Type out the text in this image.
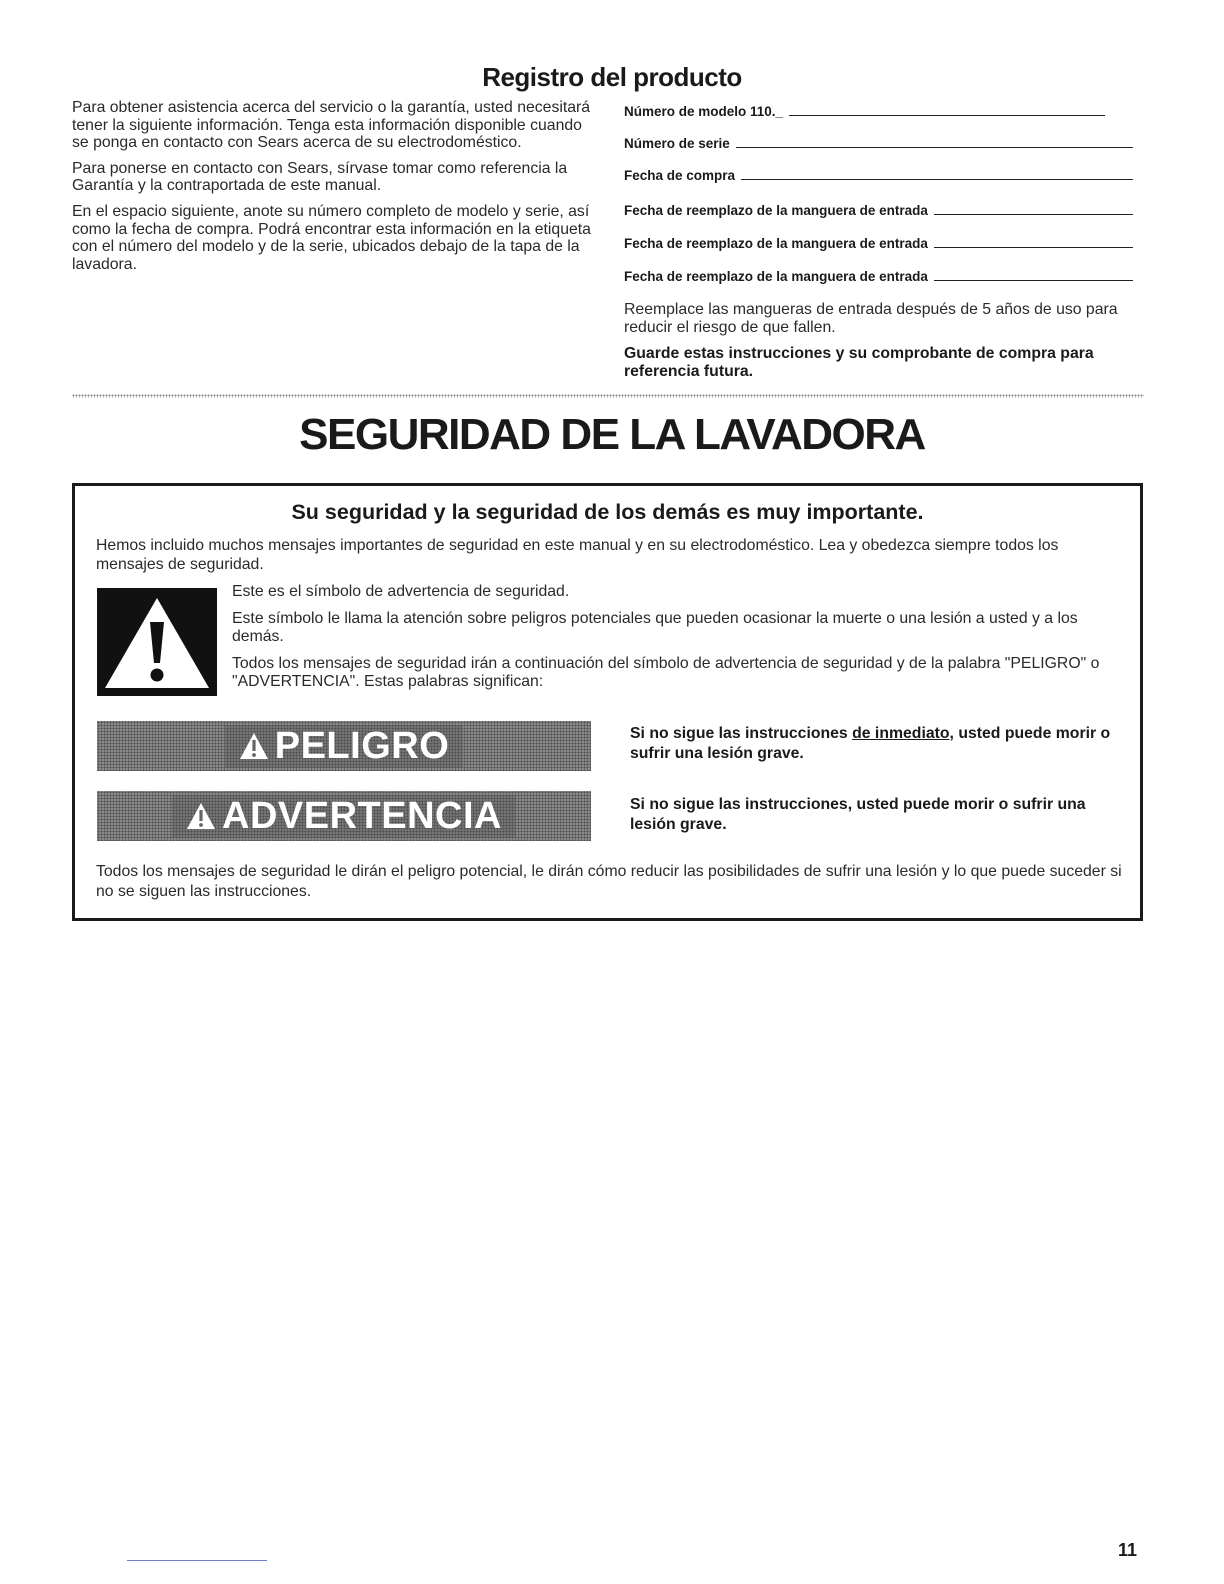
Registro del producto

Para obtener asistencia acerca del servicio o la garantía, usted necesitará tener la siguiente información. Tenga esta información disponible cuando se ponga en contacto con Sears acerca de su electrodoméstico.

Para ponerse en contacto con Sears, sírvase tomar como referencia la Garantía y la contraportada de este manual.

En el espacio siguiente, anote su número completo de modelo y serie, así como la fecha de compra. Podrá encontrar esta información en la etiqueta con el número del modelo y de la serie, ubicados debajo de la tapa de la lavadora.

Número de modelo 110._
Número de serie
Fecha de compra
Fecha de reemplazo de la manguera de entrada
Fecha de reemplazo de la manguera de entrada
Fecha de reemplazo de la manguera de entrada

Reemplace las mangueras de entrada después de 5 años de uso para reducir el riesgo de que fallen.

Guarde estas instrucciones y su comprobante de compra para referencia futura.

SEGURIDAD DE LA LAVADORA
Su seguridad y la seguridad de los demás es muy importante.

Hemos incluido muchos mensajes importantes de seguridad en este manual y en su electrodoméstico. Lea y obedezca siempre todos los mensajes de seguridad.

Este es el símbolo de advertencia de seguridad.

Este símbolo le llama la atención sobre peligros potenciales que pueden ocasionar la muerte o una lesión a usted y a los demás.

Todos los mensajes de seguridad irán a continuación del símbolo de advertencia de seguridad y de la palabra "PELIGRO" o "ADVERTENCIA". Estas palabras significan:

PELIGRO	Si no sigue las instrucciones de inmediato, usted puede morir o sufrir una lesión grave.

ADVERTENCIA	Si no sigue las instrucciones, usted puede morir o sufrir una lesión grave.

Todos los mensajes de seguridad le dirán el peligro potencial, le dirán cómo reducir las posibilidades de sufrir una lesión y lo que puede suceder si no se siguen las instrucciones.

11
